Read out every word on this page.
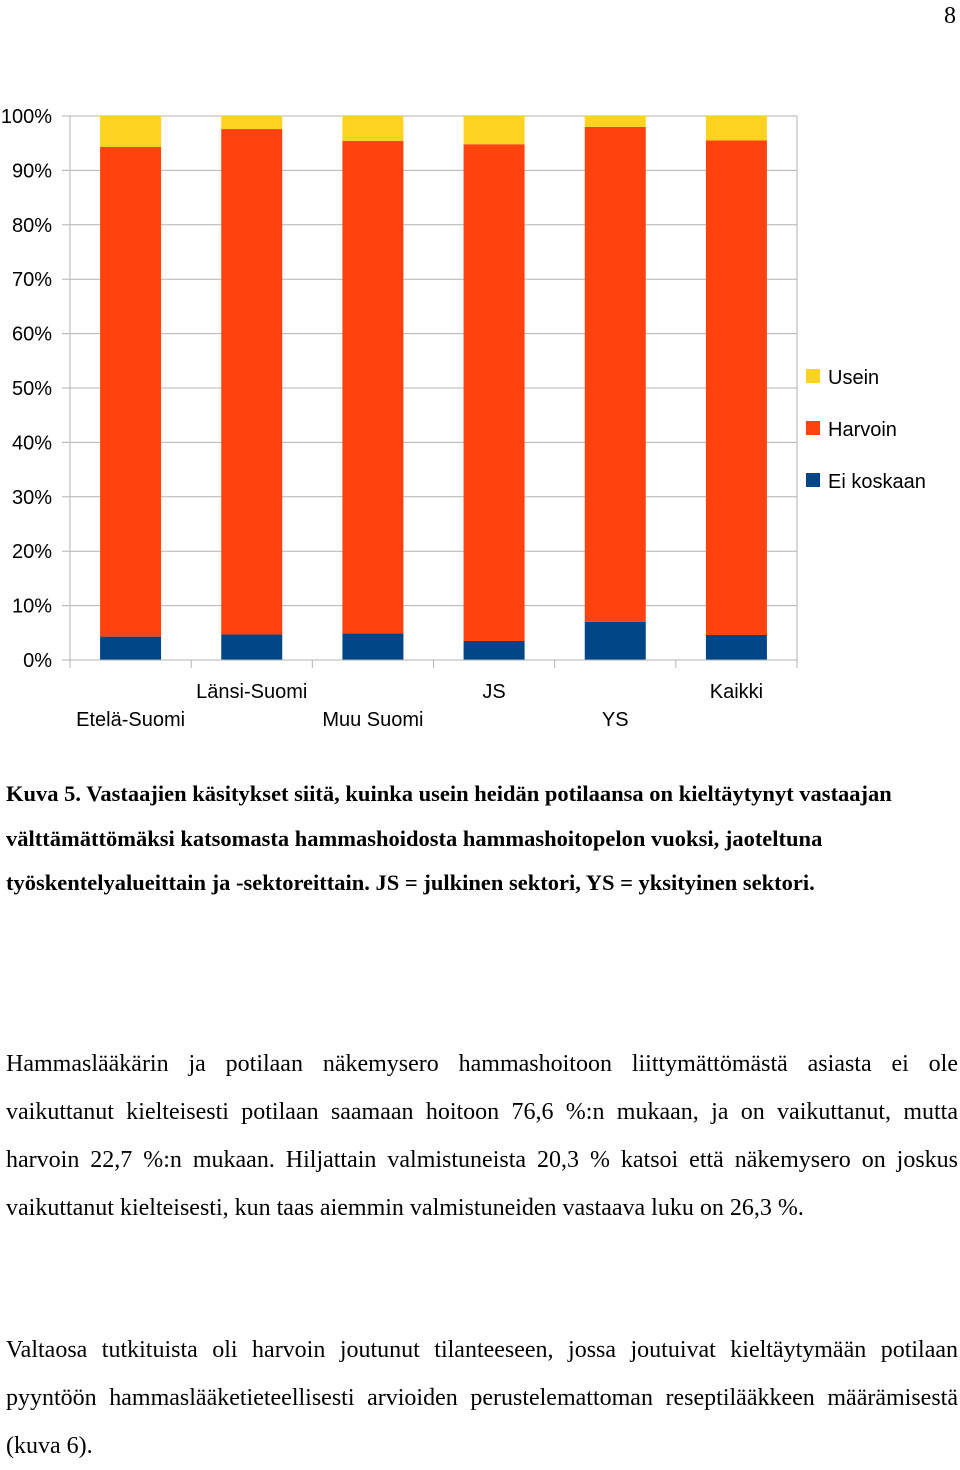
8
0%
10%
20%
30%
40%
50%
60%
70%
80%
90%
100%
Etelä-Suomi
Länsi-Suomi
Muu Suomi
JS
YS
Kaikki
Usein
Harvoin
Ei koskaan

Kuva 5. Vastaajien käsitykset siitä, kuinka usein heidän potilaansa on kieltäytynyt vastaajan välttämättömäksi katsomasta hammashoidosta hammashoitopelon vuoksi, jaoteltuna työskentelyalueittain ja -sektoreittain. JS = julkinen sektori, YS = yksityinen sektori.

Hammaslääkärin ja potilaan näkemysero hammashoitoon liittymättömästä asiasta ei ole vaikuttanut kielteisesti potilaan saamaan hoitoon 76,6 %:n mukaan, ja on vaikuttanut, mutta harvoin 22,7 %:n mukaan. Hiljattain valmistuneista 20,3 % katsoi että näkemysero on joskus vaikuttanut kielteisesti, kun taas aiemmin valmistuneiden vastaava luku on 26,3 %.

Valtaosa tutkituista oli harvoin joutunut tilanteeseen, jossa joutuivat kieltäytymään potilaan pyyntöön hammaslääketieteellisesti arvioiden perustelemattoman reseptilääkkeen määrämisestä (kuva 6).
